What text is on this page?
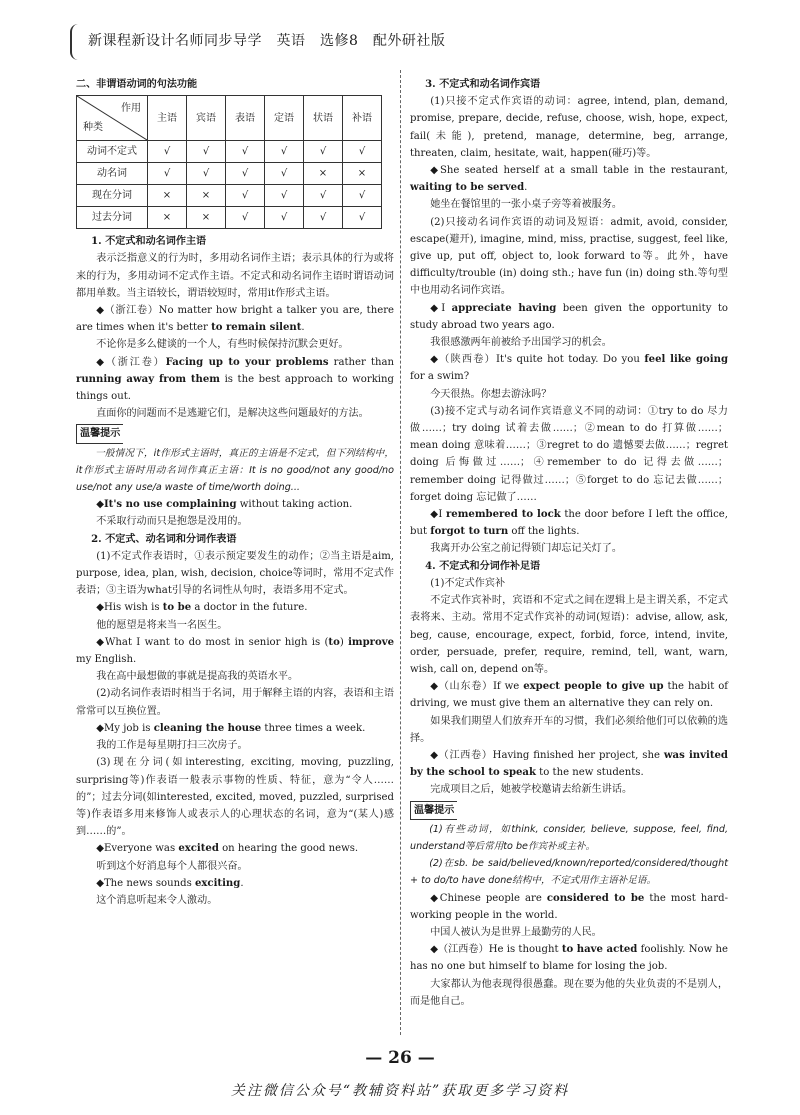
新课程新设计名师同步导学　英语　选修8　配外研社版

二、非谓语动词的句法功能

作用
种类	主语	宾语	表语	定语	状语	补语
动词不定式	√	√	√	√	√	√
动名词	√	√	√	√	×	×
现在分词	×	×	√	√	√	√
过去分词	×	×	√	√	√	√

1. 不定式和动名词作主语

表示泛指意义的行为时，多用动名词作主语；表示具体的行为或将来的行为，多用动词不定式作主语。不定式和动名词作主语时谓语动词都用单数。当主语较长，谓语较短时，常用it作形式主语。

◆（浙江卷）No matter how bright a talker you are, there are times when it's better to remain silent.

不论你是多么健谈的一个人，有些时候保持沉默会更好。

◆（浙江卷）Facing up to your problems rather than running away from them is the best approach to working things out.

直面你的问题而不是逃避它们，是解决这些问题最好的方法。

温馨提示

一般情况下，it作形式主语时，真正的主语是不定式，但下列结构中，it作形式主语时用动名词作真正主语：It is no good/not any good/no use/not any use/a waste of time/worth doing...

◆It's no use complaining without taking action.

不采取行动而只是抱怨是没用的。

2. 不定式、动名词和分词作表语

(1)不定式作表语时，①表示预定要发生的动作；②当主语是aim, purpose, idea, plan, wish, decision, choice等词时，常用不定式作表语；③主语为what引导的名词性从句时，表语多用不定式。

◆His wish is to be a doctor in the future.

他的愿望是将来当一名医生。

◆What I want to do most in senior high is (to) improve my English.

我在高中最想做的事就是提高我的英语水平。

(2)动名词作表语时相当于名词，用于解释主语的内容，表语和主语常常可以互换位置。

◆My job is cleaning the house three times a week.

我的工作是每星期打扫三次房子。

(3)现在分词(如interesting, exciting, moving, puzzling, surprising等)作表语一般表示事物的性质、特征，意为“令人……的”；过去分词(如interested, excited, moved, puzzled, surprised等)作表语多用来修饰人或表示人的心理状态的名词，意为“(某人)感到……的”。

◆Everyone was excited on hearing the good news.

听到这个好消息每个人都很兴奋。

◆The news sounds exciting.

这个消息听起来令人激动。

3. 不定式和动名词作宾语

(1)只接不定式作宾语的动词：agree, intend, plan, demand, promise, prepare, decide, refuse, choose, wish, hope, expect, fail(未能), pretend, manage, determine, beg, arrange, threaten, claim, hesitate, wait, happen(碰巧)等。

◆She seated herself at a small table in the restaurant, waiting to be served.

她坐在餐馆里的一张小桌子旁等着被服务。

(2)只接动名词作宾语的动词及短语：admit, avoid, consider, escape(避开), imagine, mind, miss, practise, suggest, feel like, give up, put off, object to, look forward to等。此外，have difficulty/trouble (in) doing sth.; have fun (in) doing sth.等句型中也用动名词作宾语。

◆I appreciate having been given the opportunity to study abroad two years ago.

我很感激两年前被给予出国学习的机会。

◆（陕西卷）It's quite hot today. Do you feel like going for a swim?

今天很热。你想去游泳吗？

(3)接不定式与动名词作宾语意义不同的动词：①try to do 尽力做……；try doing 试着去做……；②mean to do 打算做……；mean doing 意味着……；③regret to do 遗憾要去做……；regret doing 后悔做过……；④remember to do 记得去做……；remember doing 记得做过……；⑤forget to do 忘记去做……；forget doing 忘记做了……

◆I remembered to lock the door before I left the office, but forgot to turn off the lights.

我离开办公室之前记得锁门却忘记关灯了。

4. 不定式和分词作补足语

(1)不定式作宾补

不定式作宾补时，宾语和不定式之间在逻辑上是主谓关系，不定式表将来、主动。常用不定式作宾补的动词(短语)：advise, allow, ask, beg, cause, encourage, expect, forbid, force, intend, invite, order, persuade, prefer, require, remind, tell, want, warn, wish, call on, depend on等。

◆（山东卷）If we expect people to give up the habit of driving, we must give them an alternative they can rely on.

如果我们期望人们放弃开车的习惯，我们必须给他们可以依赖的选择。

◆（江西卷）Having finished her project, she was invited by the school to speak to the new students.

完成项目之后，她被学校邀请去给新生讲话。

温馨提示

(1)有些动词，如think, consider, believe, suppose, feel, find, understand等后常用to be作宾补或主补。

(2)在sb. be said/believed/known/reported/considered/thought + to do/to have done结构中，不定式用作主语补足语。

◆Chinese people are considered to be the most hard-working people in the world.

中国人被认为是世界上最勤劳的人民。

◆（江西卷）He is thought to have acted foolishly. Now he has no one but himself to blame for losing the job.

大家都认为他表现得很愚蠢。现在要为他的失业负责的不是别人，而是他自己。

— 26 —
关注微信公众号“教辅资料站”获取更多学习资料
